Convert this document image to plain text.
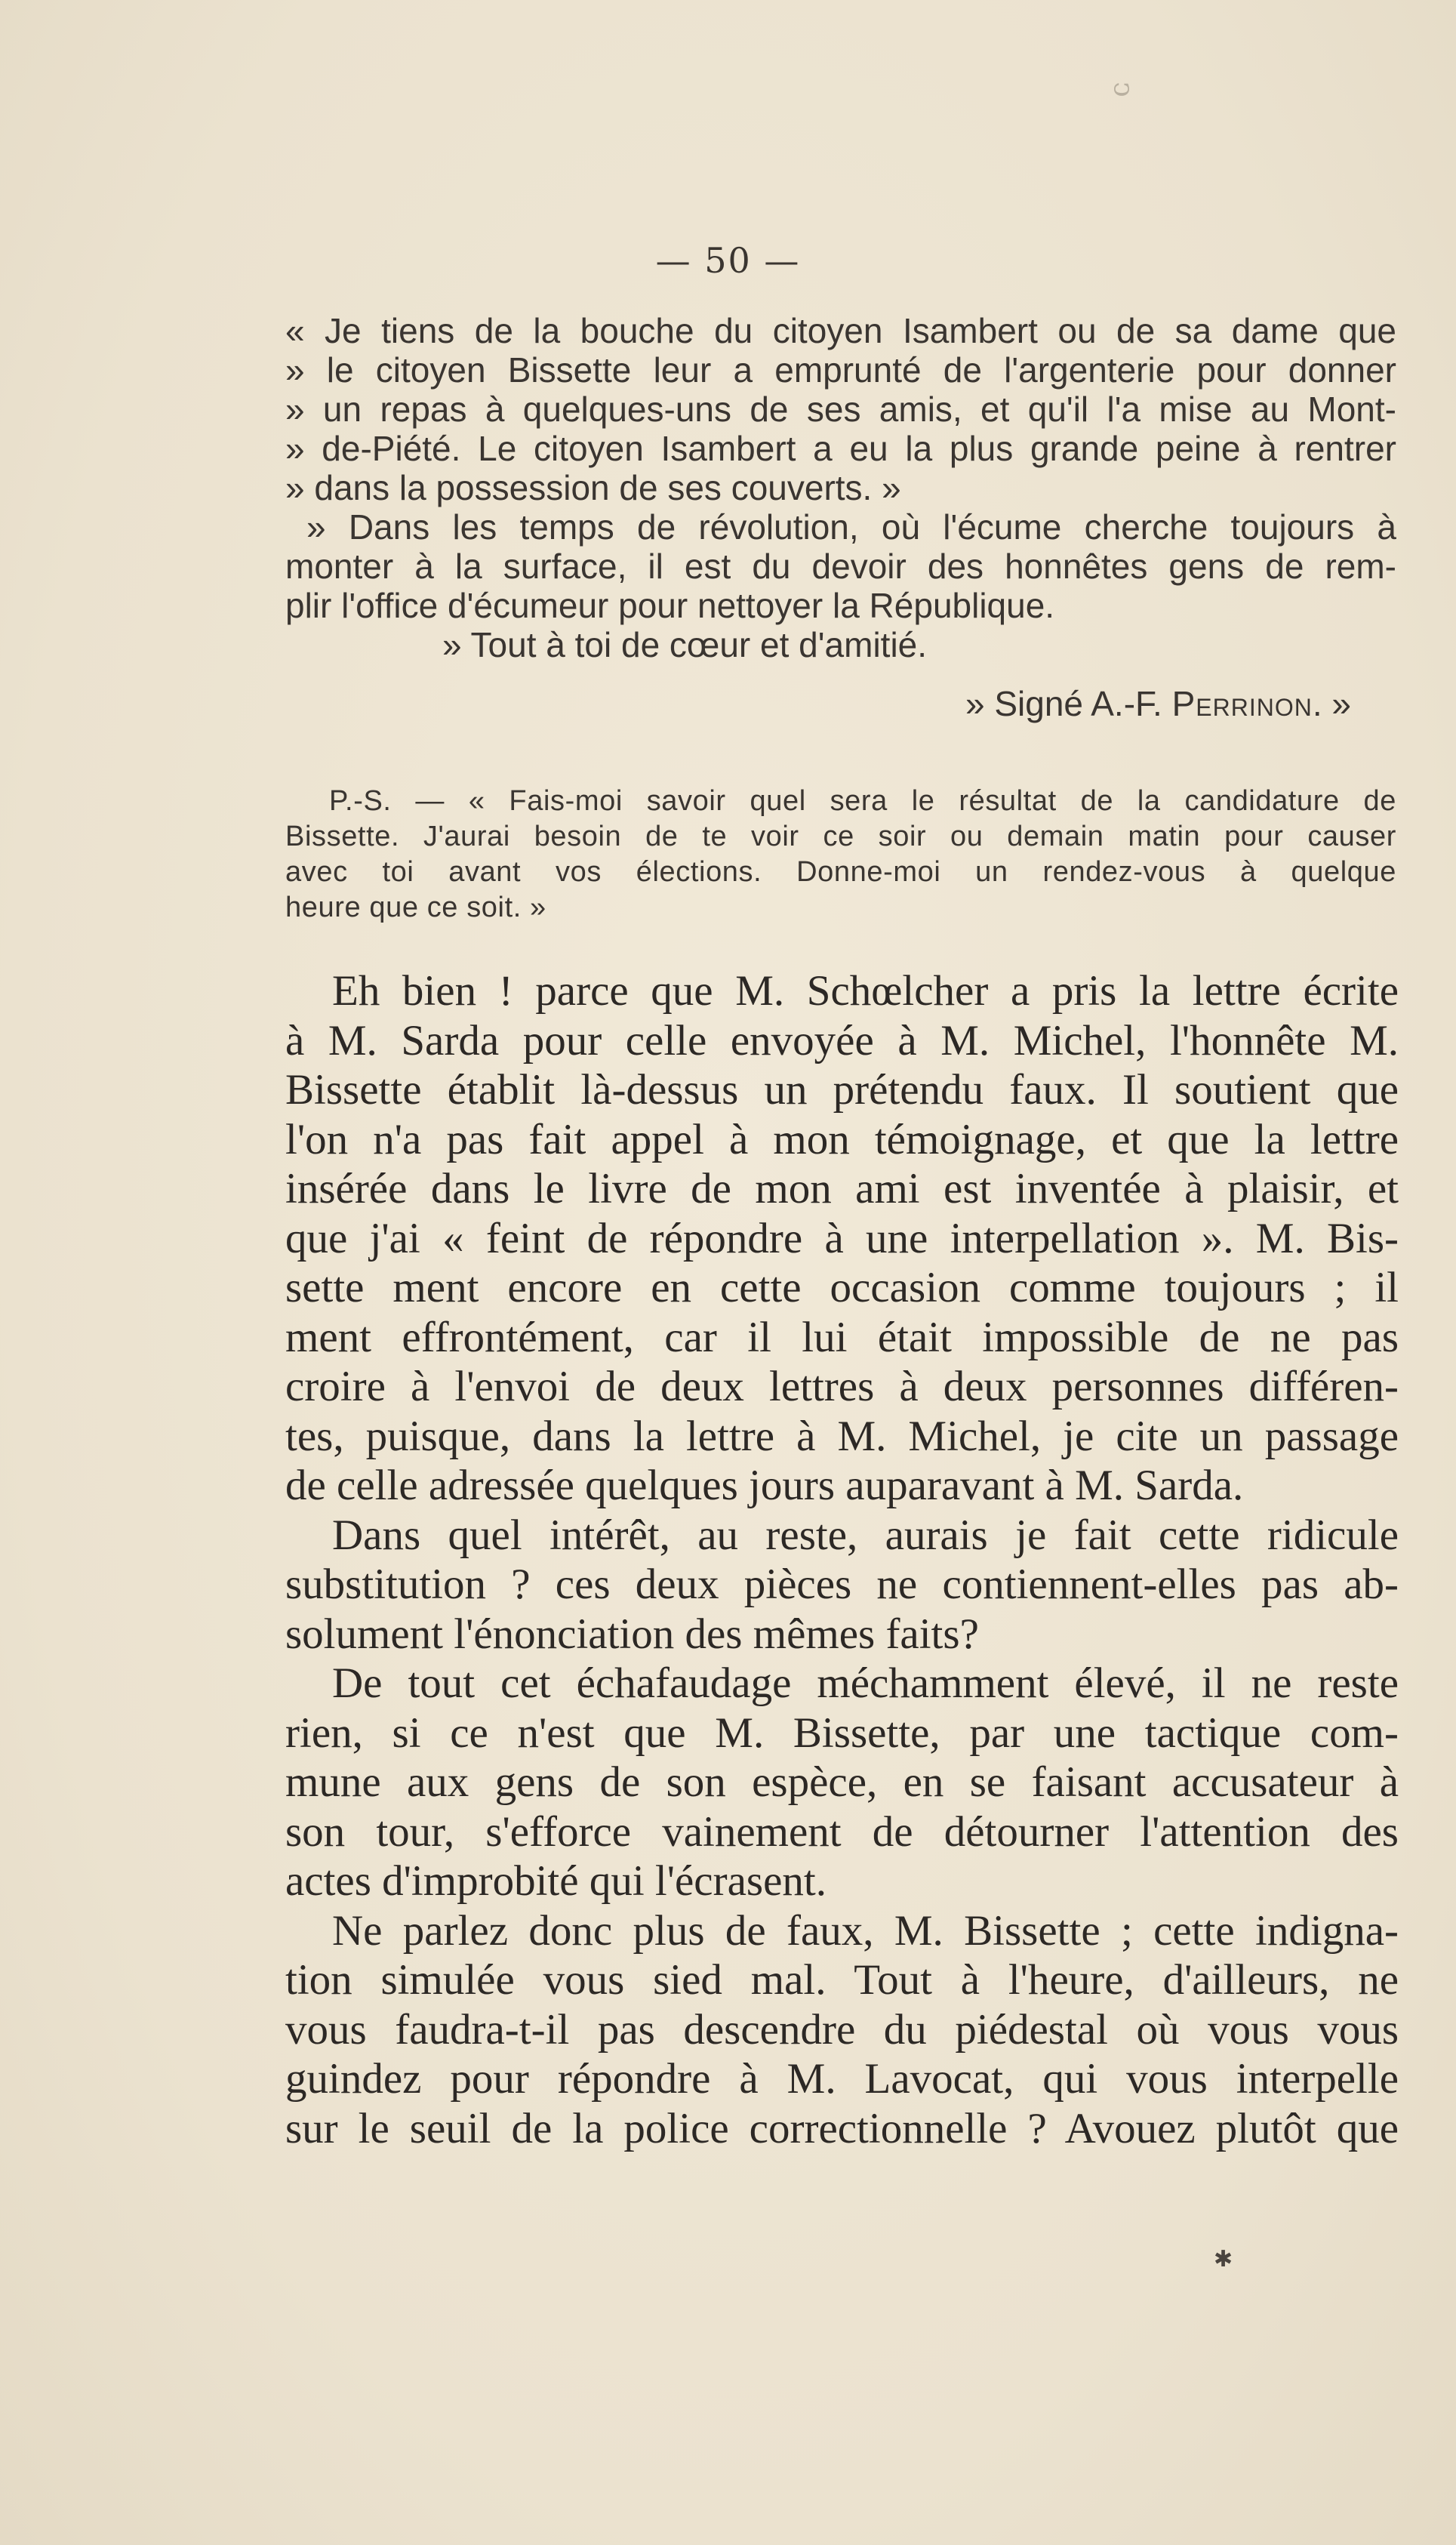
ↄ
— 50 —

« Je tiens de la bouche du citoyen Isambert ou de sa dame que
» le citoyen Bissette leur a emprunté de l'argenterie pour donner
» un repas à quelques-uns de ses amis, et qu'il l'a mise au Mont-
» de-Piété. Le citoyen Isambert a eu la plus grande peine à rentrer
» dans la possession de ses couverts. »

» Dans les temps de révolution, où l'écume cherche toujours à
monter à la surface, il est du devoir des honnêtes gens de rem-
plir l'office d'écumeur pour nettoyer la République.

» Tout à toi de cœur et d'amitié.

» Signé A.-F. Perrinon. »

P.-S. — « Fais-moi savoir quel sera le résultat de la candidature de
Bissette. J'aurai besoin de te voir ce soir ou demain matin pour causer
avec toi avant vos élections. Donne-moi un rendez-vous à quelque
heure que ce soit. »
Eh bien ! parce que M. Schœlcher a pris la lettre écrite
à M. Sarda pour celle envoyée à M. Michel, l'honnête M.
Bissette établit là-dessus un prétendu faux. Il soutient que
l'on n'a pas fait appel à mon témoignage, et que la lettre
insérée dans le livre de mon ami est inventée à plaisir, et
que j'ai « feint de répondre à une interpellation ». M. Bis-
sette ment encore en cette occasion comme toujours ; il
ment effrontément, car il lui était impossible de ne pas
croire à l'envoi de deux lettres à deux personnes différen-
tes, puisque, dans la lettre à M. Michel, je cite un passage
de celle adressée quelques jours auparavant à M. Sarda.
Dans quel intérêt, au reste, aurais je fait cette ridicule
substitution ? ces deux pièces ne contiennent-elles pas ab-
solument l'énonciation des mêmes faits?
De tout cet échafaudage méchamment élevé, il ne reste
rien, si ce n'est que M. Bissette, par une tactique com-
mune aux gens de son espèce, en se faisant accusateur à
son tour, s'efforce vainement de détourner l'attention des
actes d'improbité qui l'écrasent.
Ne parlez donc plus de faux, M. Bissette ; cette indigna-
tion simulée vous sied mal. Tout à l'heure, d'ailleurs, ne
vous faudra-t-il pas descendre du piédestal où vous vous
guindez pour répondre à M. Lavocat, qui vous interpelle
sur le seuil de la police correctionnelle ? Avouez plutôt que
✱
